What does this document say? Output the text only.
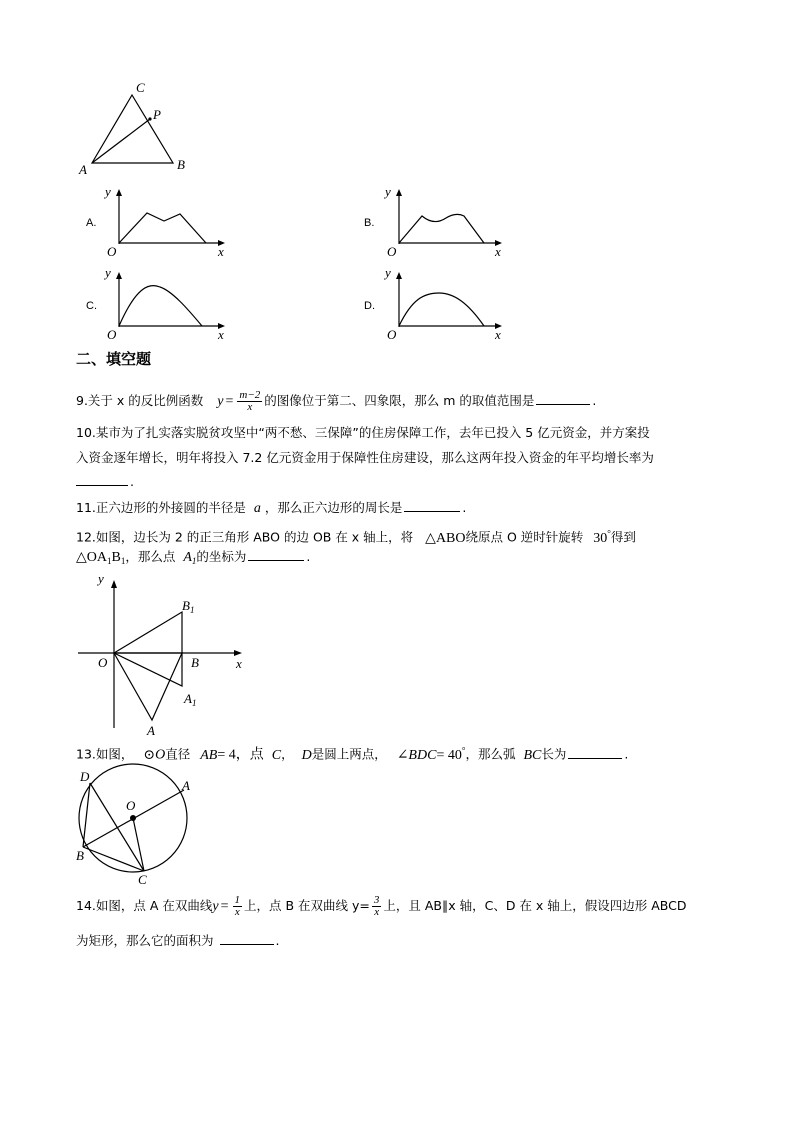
C
P
A	B
A.
y
x
O
B.
y
x
O
C.
y
x
O
D.
y
x
O
二、填空题
9.关于 x 的反比例函数 $y = \frac{m-2}{x}$ 的图像位于第二、四象限，那么 m 的取值范围是	.
10.某市为了扎实落实脱贫攻坚中“两不愁、三保障”的住房保障工作，去年已投入 5 亿元资金，并方案投
入资金逐年增长，明年将投入 7.2 亿元资金用于保障性住房建设，那么这两年投入资金的年平均增长率为
.
11.正六边形的外接圆的半径是 a ，那么正六边形的周长是	.
12.如图，边长为 2 的正三角形 ABO 的边 OB 在 x 轴上，将 △ABO绕原点 O 逆时针旋转 30°得到
$\triangle OA_1B_1$，那么点 $A_1$的坐标为	.
y
x
O	B
$B_1$
$A_1$
A
13.如图， ⊙O直径 AB= 4，点 C， D是圆上两点， ∠BDC= 40°，那么弧 BC长为	.
D
A
O
B
C
14.如图，点 A 在双曲线$y = \frac{1}{x}$ 上，点 B 在双曲线 $y= \frac{3}{x}$ 上，且 AB∥x 轴，C、D 在 x 轴上，假设四边形 ABCD
为矩形，那么它的面积为	.
